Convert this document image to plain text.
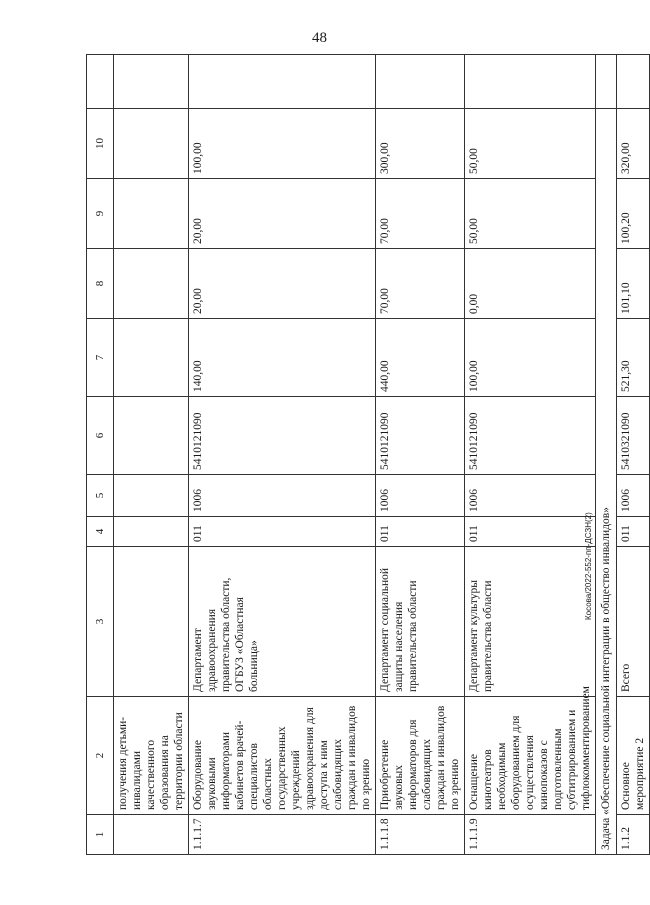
48
1	2	3	4	5	6	7	8	9	10	
	получения детьми-инвалидами качественного образования на территории области									
1.1.1.7	Оборудование звуковыми информаторами кабинетов врачей-специалистов областных государственных учреждений здравоохранения для доступа к ним слабовидящих граждан и инвалидов по зрению	Департамент здравоохранения правительства области, ОГБУЗ «Областная больница»	011	1006	5410121090	140,00	20,00	20,00	100,00	
1.1.1.8	Приобретение звуковых информаторов для слабовидящих граждан и инвалидов по зрению	Департамент социальной защиты населения правительства области	011	1006	5410121090	440,00	70,00	70,00	300,00	
1.1.1.9	Оснащение кинотеатров необходимым оборудованием для осуществления кинопоказов с подготовленным субтитрированием и тифлокомментированием	Департамент культуры правительства области	011	1006	5410121090	100,00	0,00	50,00	50,00	
Задача «Обеспечение социальной интеграции в общество инвалидов»										
1.1.2	Основное мероприятие 2	Всего	011	1006	5410321090	521,30	101,10	100,20	320,00	
Косова/2022-552-пп-ДСЗН(2)
